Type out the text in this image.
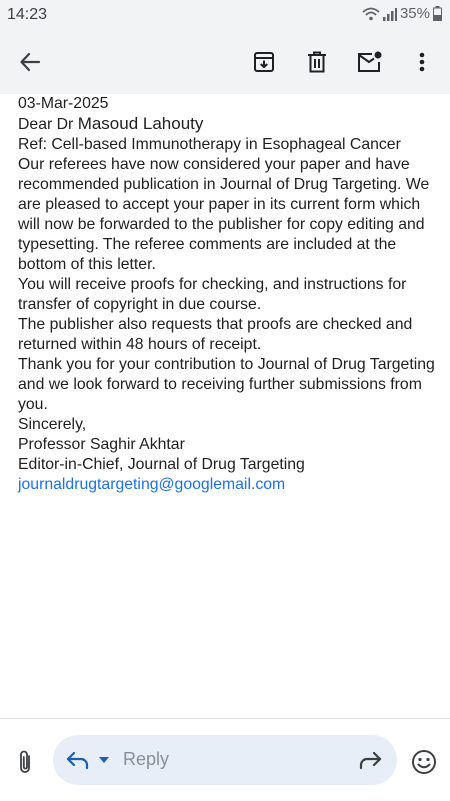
14:23	35%

03-Mar-2025

Dear Dr Masoud Lahouty

Ref: Cell-based Immunotherapy in Esophageal Cancer

Our referees have now considered your paper and have recommended publication in Journal of Drug Targeting. We are pleased to accept your paper in its current form which will now be forwarded to the publisher for copy editing and typesetting. The referee comments are included at the bottom of this letter.

You will receive proofs for checking, and instructions for transfer of copyright in due course.

The publisher also requests that proofs are checked and returned within 48 hours of receipt.

Thank you for your contribution to Journal of Drug Targeting and we look forward to receiving further submissions from you.

Sincerely,

Professor Saghir Akhtar

Editor-in-Chief, Journal of Drug Targeting

journaldrugtargeting@googlemail.com

Reply
